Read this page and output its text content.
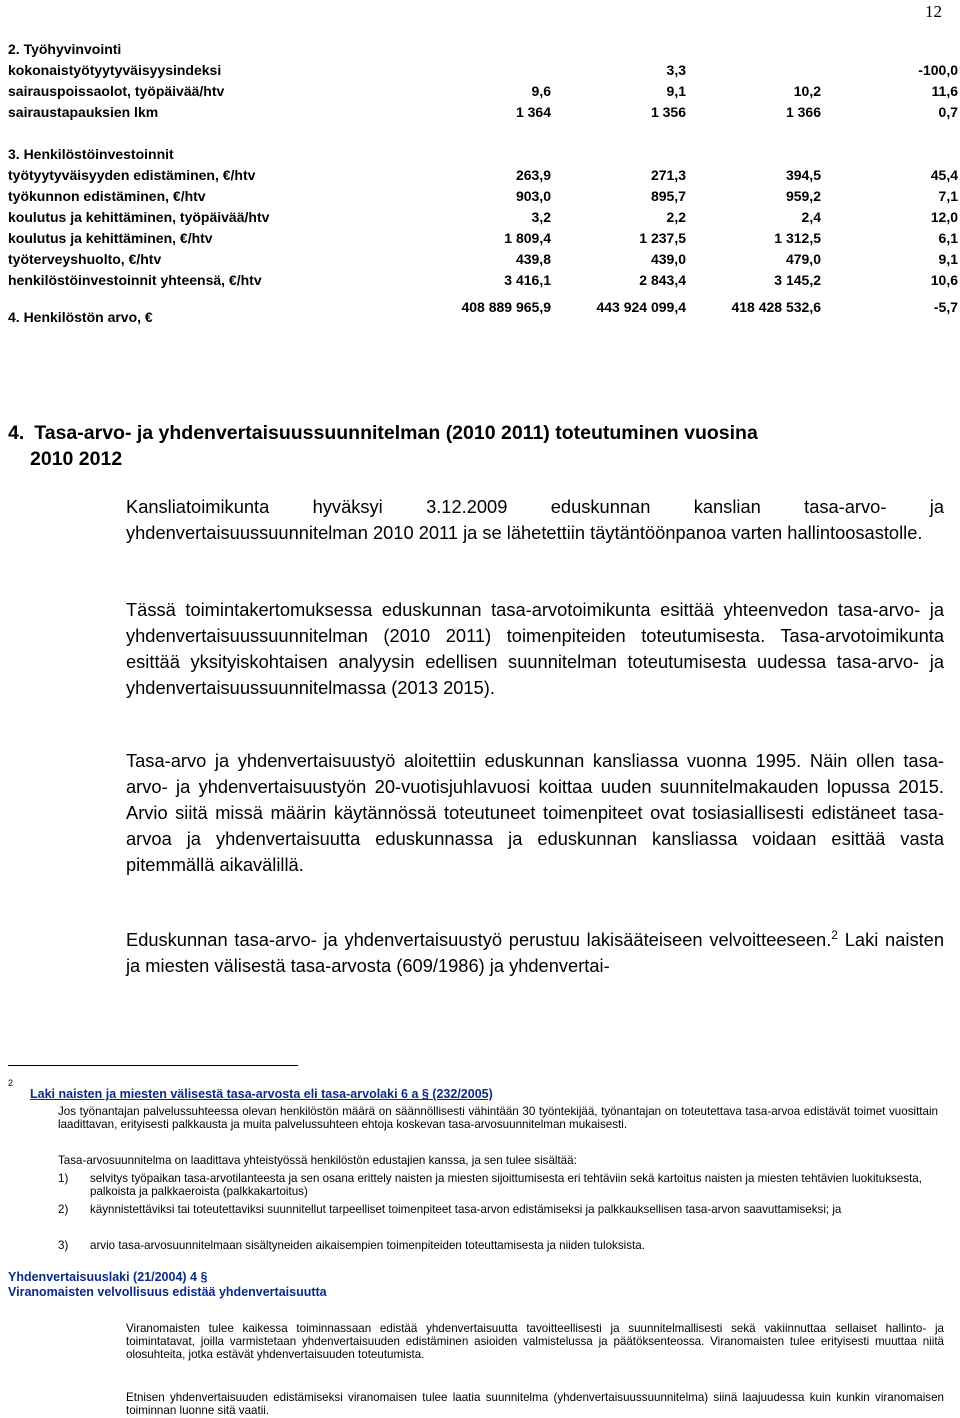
12
2. Työhyvinvointi				
kokonaistyötyytyväisyysindeksi		3,3		-100,0
sairauspoissaolot, työpäivää/htv	9,6	9,1	10,2	11,6
sairaustapauksien lkm	1 364	1 356	1 366	0,7

3. Henkilöstöinvestoinnit				
työtyytyväisyyden edistäminen, €/htv	263,9	271,3	394,5	45,4
työkunnon edistäminen, €/htv	903,0	895,7	959,2	7,1
koulutus ja kehittäminen, työpäivää/htv	3,2	2,2	2,4	12,0
koulutus ja kehittäminen, €/htv	1 809,4	1 237,5	1 312,5	6,1
työterveyshuolto, €/htv	439,8	439,0	479,0	9,1
henkilöstöinvestoinnit yhteensä, €/htv	3 416,1	2 843,4	3 145,2	10,6
4. Henkilöstön arvo, €	408 889 965,9	443 924 099,4	418 428 532,6	-5,7
4. Tasa-arvo- ja yhdenvertaisuussuunnitelman (2010 2011) toteutuminen vuosina
2010 2012
Kansliatoimikunta hyväksyi 3.12.2009 eduskunnan kanslian tasa-arvo- ja yhdenvertaisuussuunnitelman 2010 2011 ja se lähetettiin täytäntöönpanoa varten hallintoosastolle.
Tässä toimintakertomuksessa eduskunnan tasa-arvotoimikunta esittää yhteenvedon tasa-arvo- ja yhdenvertaisuussuunnitelman (2010 2011) toimenpiteiden toteutumisesta. Tasa-arvotoimikunta esittää yksityiskohtaisen analyysin edellisen suunnitelman toteutumisesta uudessa tasa-arvo- ja yhdenvertaisuussuunnitelmassa (2013 2015).
Tasa-arvo ja yhdenvertaisuustyö aloitettiin eduskunnan kansliassa vuonna 1995. Näin ollen tasa-arvo- ja yhdenvertaisuustyön 20-vuotisjuhlavuosi koittaa uuden suunnitelmakauden lopussa 2015. Arvio siitä missä määrin käytännössä toteutuneet toimenpiteet ovat tosiasiallisesti edistäneet tasa-arvoa ja yhdenvertaisuutta eduskunnassa ja eduskunnan kansliassa voidaan esittää vasta pitemmällä aikavälillä.
Eduskunnan tasa-arvo- ja yhdenvertaisuustyö perustuu lakisääteiseen velvoitteeseen.$^2$ Laki naisten ja miesten välisestä tasa-arvosta (609/1986) ja yhdenvertai-
2
Laki naisten ja miesten välisestä tasa-arvosta eli tasa-arvolaki 6 a § (232/2005)
Jos työnantajan palvelussuhteessa olevan henkilöstön määrä on säännöllisesti vähintään 30 työntekijää, työnantajan on toteutettava tasa-arvoa edistävät toimet vuosittain laadittavan, erityisesti palkkausta ja muita palvelussuhteen ehtoja koskevan tasa-arvosuunnitelman mukaisesti.
Tasa-arvosuunnitelma on laadittava yhteistyössä henkilöstön edustajien kanssa, ja sen tulee sisältää:
1) selvitys työpaikan tasa-arvotilanteesta ja sen osana erittely naisten ja miesten sijoittumisesta eri tehtäviin sekä kartoitus naisten ja miesten tehtävien luokituksesta, palkoista ja palkkaeroista (palkkakartoitus)
2) käynnistettäviksi tai toteutettaviksi suunnitellut tarpeelliset toimenpiteet tasa-arvon edistämiseksi ja palkkauksellisen tasa-arvon saavuttamiseksi; ja
3) arvio tasa-arvosuunnitelmaan sisältyneiden aikaisempien toimenpiteiden toteuttamisesta ja niiden tuloksista.
Yhdenvertaisuuslaki (21/2004) 4 §
Viranomaisten velvollisuus edistää yhdenvertaisuutta
Viranomaisten tulee kaikessa toiminnassaan edistää yhdenvertaisuutta tavoitteellisesti ja suunnitelmallisesti sekä vakiinnuttaa sellaiset hallinto- ja toimintatavat, joilla varmistetaan yhdenvertaisuuden edistäminen asioiden valmistelussa ja päätöksenteossa. Viranomaisten tulee erityisesti muuttaa niitä olosuhteita, jotka estävät yhdenvertaisuuden toteutumista.
Etnisen yhdenvertaisuuden edistämiseksi viranomaisen tulee laatia suunnitelma (yhdenvertaisuussuunnitelma) siinä laajuudessa kuin kunkin viranomaisen toiminnan luonne sitä vaatii.
